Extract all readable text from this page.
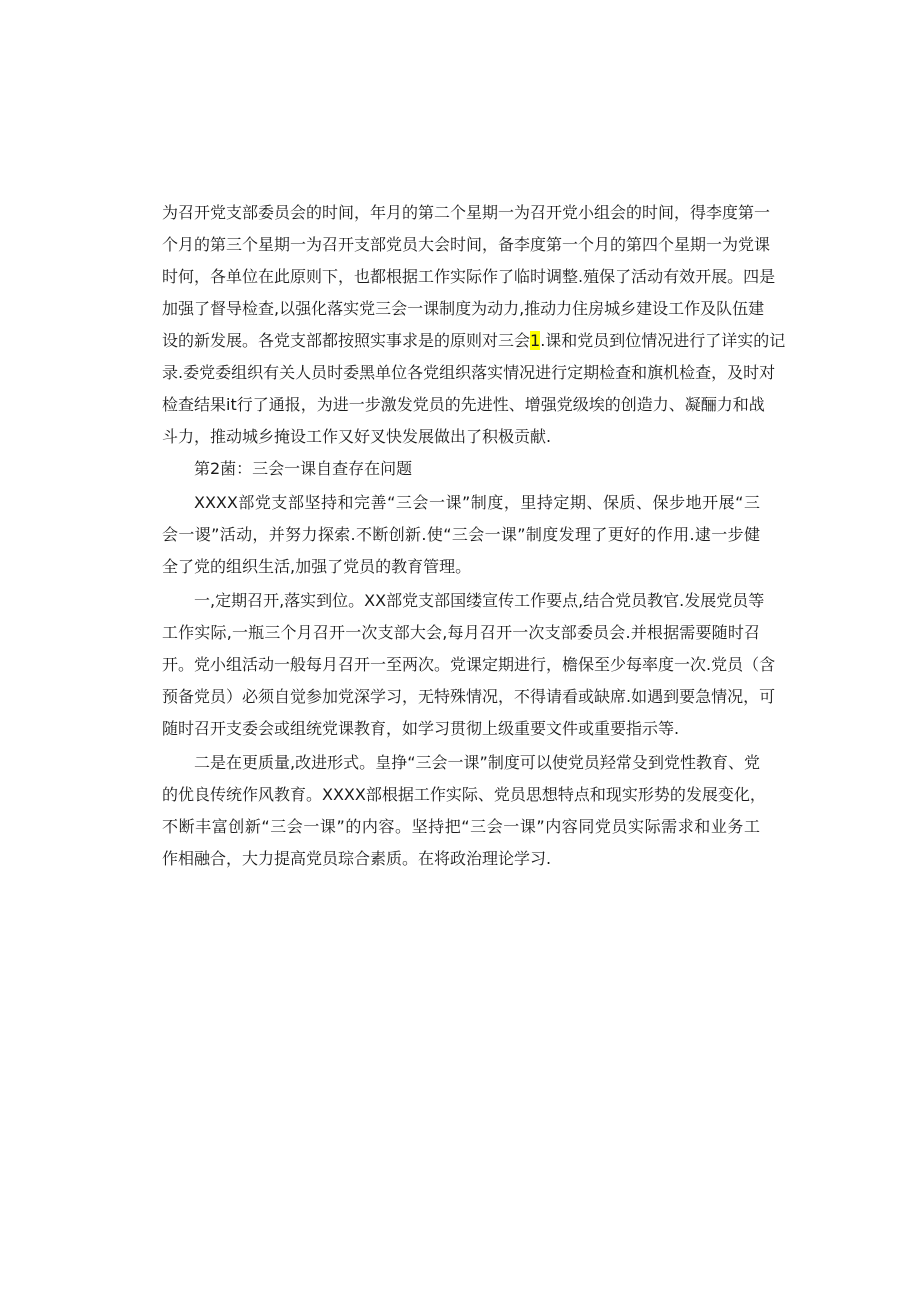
为召开党支部委员会的时间，年月的第二个星期一为召开党小组会的时间，得李度第一
个月的第三个星期一为召开支部党员大会时间，备李度第一个月的第四个星期一为党课
时何，各单位在此原则下，也都根据工作实际作了临时调整.殖保了活动有效开展。四是
加强了督导检查,以强化落实党三会一课制度为动力,推动力住房城乡建设工作及队伍建
设的新发展。各党支部都按照实事求是的原则对三会1.课和党员到位情况进行了详实的记
录.委党委组织有关人员时委黑单位各党组织落实情况进行定期检查和旗机检查，及时对
检查结果it行了通报，为进一步激发党员的先进性、增强党级埃的创造力、凝酾力和战
斗力，推动城乡掩设工作又好叉快发展做出了积极贡献.
第2菌：三会一课自查存在问题
XXXX部党支部坚持和完善“三会一课”制度，里持定期、保质、保步地开展“三
会一谡”活动，并努力探索.不断创新.使“三会一课”制度发理了更好的作用.逮一步健
全了党的组织生活,加强了党员的教育管理。
一,定期召开,落实到位。XX部党支部国缕宣传工作要点,结合党员教官.发展党员等
工作实际,一瓶三个月召开一次支部大会,每月召开一次支部委员会.并根据需要随时召
开。党小组活动一般每月召开一至两次。党课定期进行，檐保至少每率度一次.党员（含
预备党员）必须自觉参加党深学习，无特殊情况，不得请看或缺席.如遇到要急情况，可
随时召开支委会或组统党课教育，如学习贯彻上级重要文件或重要指示等.
二是在更质量,改进形式。皇挣“三会一课”制度可以使党员羟常殳到党性教育、党
的优良传统作风教育。XXXX部根据工作实际、党员思想特点和现实形势的发展变化，
不断丰富创新“三会一课”的内容。坚持把“三会一课”内容同党员实际需求和业务工
作相融合，大力提高党员琮合素质。在将政治理论学习.
